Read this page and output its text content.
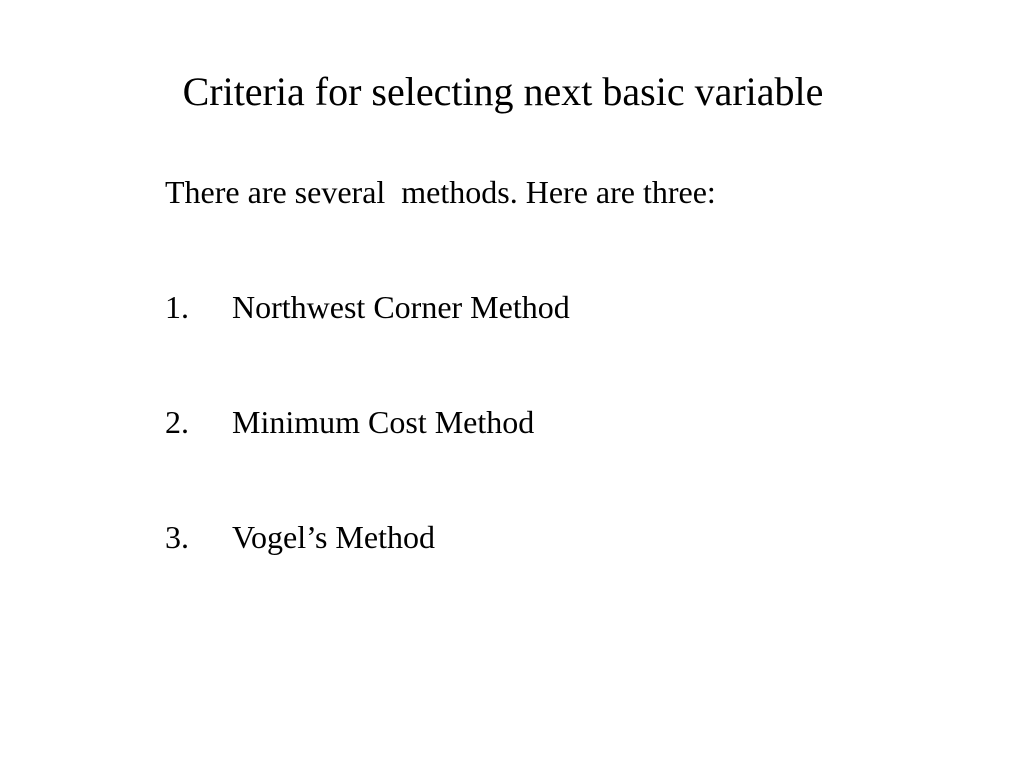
Criteria for selecting next basic variable
There are several  methods. Here are three:
1. Northwest Corner Method
2. Minimum Cost Method
3. Vogel’s Method
